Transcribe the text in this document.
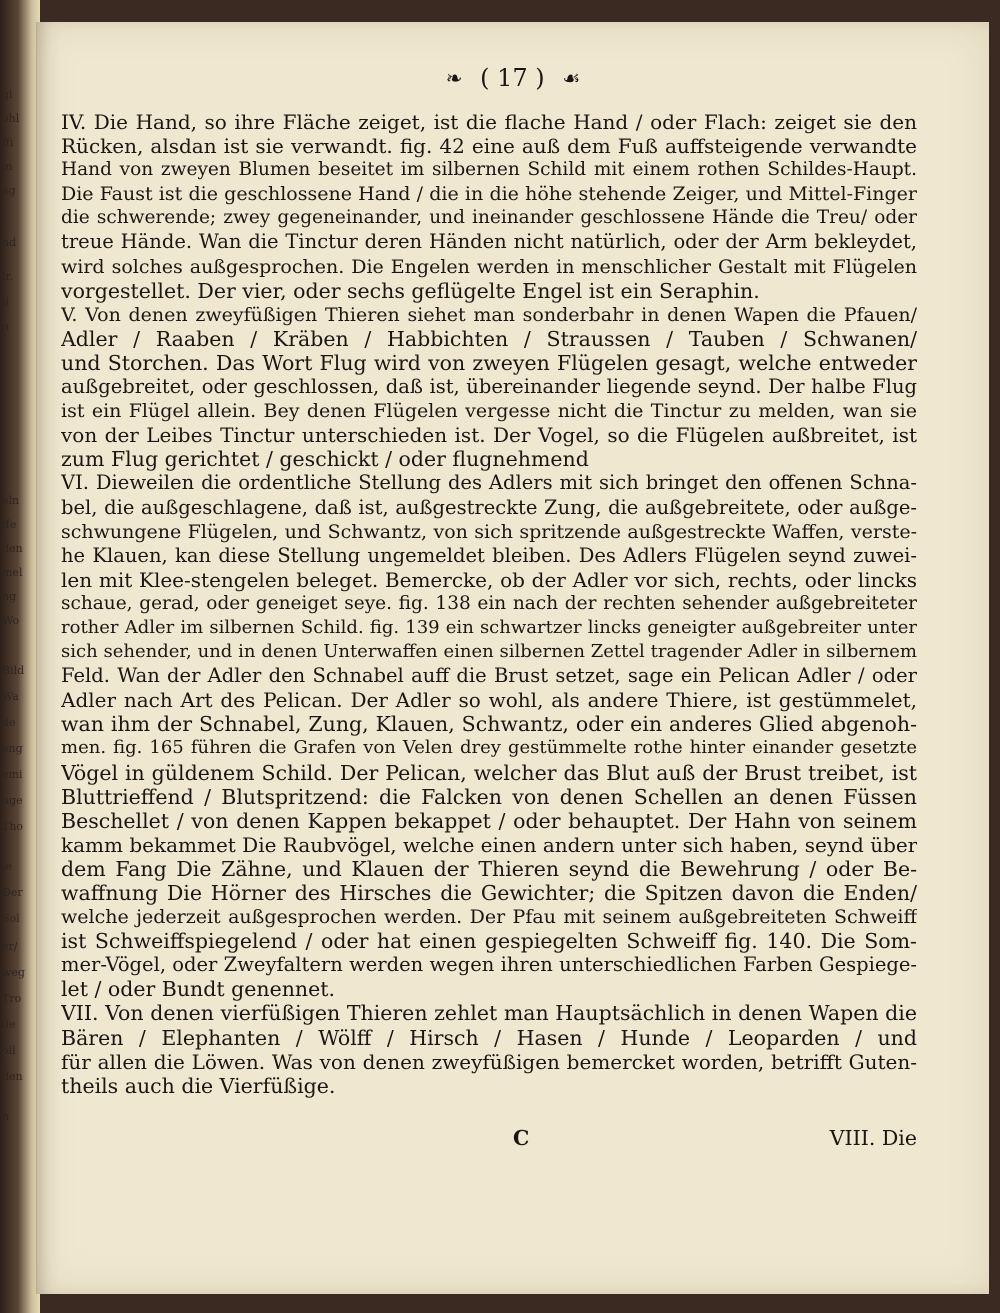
gl
ohl
ffi
m
ag
nd
ir.
ll
n
eln
ffe
den
mel
ng
Wo
Bild
Wa
de
eng
emi
uge
Tho
je
Der
Sol
er/
weg
Tro
lle
oll
den
n
❧ ( 17 ) ☙
IV. Die Hand, so ihre Fläche zeiget, ist die flache Hand / oder Flach: zeiget sie den
Rücken, alsdan ist sie verwandt. fig. 42 eine auß dem Fuß auffsteigende verwandte
Hand von zweyen Blumen beseitet im silbernen Schild mit einem rothen Schildes-Haupt.
Die Faust ist die geschlossene Hand / die in die höhe stehende Zeiger, und Mittel-Finger
die schwerende; zwey gegeneinander, und ineinander geschlossene Hände die Treu/ oder
treue Hände. Wan die Tinctur deren Händen nicht natürlich, oder der Arm bekleydet,
wird solches außgesprochen. Die Engelen werden in menschlicher Gestalt mit Flügelen
vorgestellet. Der vier, oder sechs geflügelte Engel ist ein Seraphin.
V. Von denen zweyfüßigen Thieren siehet man sonderbahr in denen Wapen die Pfauen/
Adler / Raaben / Kräben / Habbichten / Straussen / Tauben / Schwanen/
und Storchen. Das Wort Flug wird von zweyen Flügelen gesagt, welche entweder
außgebreitet, oder geschlossen, daß ist, übereinander liegende seynd. Der halbe Flug
ist ein Flügel allein. Bey denen Flügelen vergesse nicht die Tinctur zu melden, wan sie
von der Leibes Tinctur unterschieden ist. Der Vogel, so die Flügelen außbreitet, ist
zum Flug gerichtet / geschickt / oder flugnehmend
VI. Dieweilen die ordentliche Stellung des Adlers mit sich bringet den offenen Schna-
bel, die außgeschlagene, daß ist, außgestreckte Zung, die außgebreitete, oder außge-
schwungene Flügelen, und Schwantz, von sich spritzende außgestreckte Waffen, verste-
he Klauen, kan diese Stellung ungemeldet bleiben. Des Adlers Flügelen seynd zuwei-
len mit Klee-stengelen beleget. Bemercke, ob der Adler vor sich, rechts, oder lincks
schaue, gerad, oder geneiget seye. fig. 138 ein nach der rechten sehender außgebreiteter
rother Adler im silbernen Schild. fig. 139 ein schwartzer lincks geneigter außgebreiter unter
sich sehender, und in denen Unterwaffen einen silbernen Zettel tragender Adler in silbernem
Feld. Wan der Adler den Schnabel auff die Brust setzet, sage ein Pelican Adler / oder
Adler nach Art des Pelican. Der Adler so wohl, als andere Thiere, ist gestümmelet,
wan ihm der Schnabel, Zung, Klauen, Schwantz, oder ein anderes Glied abgenoh-
men. fig. 165 führen die Grafen von Velen drey gestümmelte rothe hinter einander gesetzte
Vögel in güldenem Schild. Der Pelican, welcher das Blut auß der Brust treibet, ist
Bluttrieffend / Blutspritzend: die Falcken von denen Schellen an denen Füssen
Beschellet / von denen Kappen bekappet / oder behauptet. Der Hahn von seinem
kamm bekammet Die Raubvögel, welche einen andern unter sich haben, seynd über
dem Fang Die Zähne, und Klauen der Thieren seynd die Bewehrung / oder Be-
waffnung Die Hörner des Hirsches die Gewichter; die Spitzen davon die Enden/
welche jederzeit außgesprochen werden. Der Pfau mit seinem außgebreiteten Schweiff
ist Schweiffspiegelend / oder hat einen gespiegelten Schweiff fig. 140. Die Som-
mer-Vögel, oder Zweyfaltern werden wegen ihren unterschiedlichen Farben Gespiege-
let / oder Bundt genennet.
VII. Von denen vierfüßigen Thieren zehlet man Hauptsächlich in denen Wapen die
Bären / Elephanten / Wölff / Hirsch / Hasen / Hunde / Leoparden / und
für allen die Löwen. Was von denen zweyfüßigen bemercket worden, betrifft Guten-
theils auch die Vierfüßige.
C	VIII. Die
